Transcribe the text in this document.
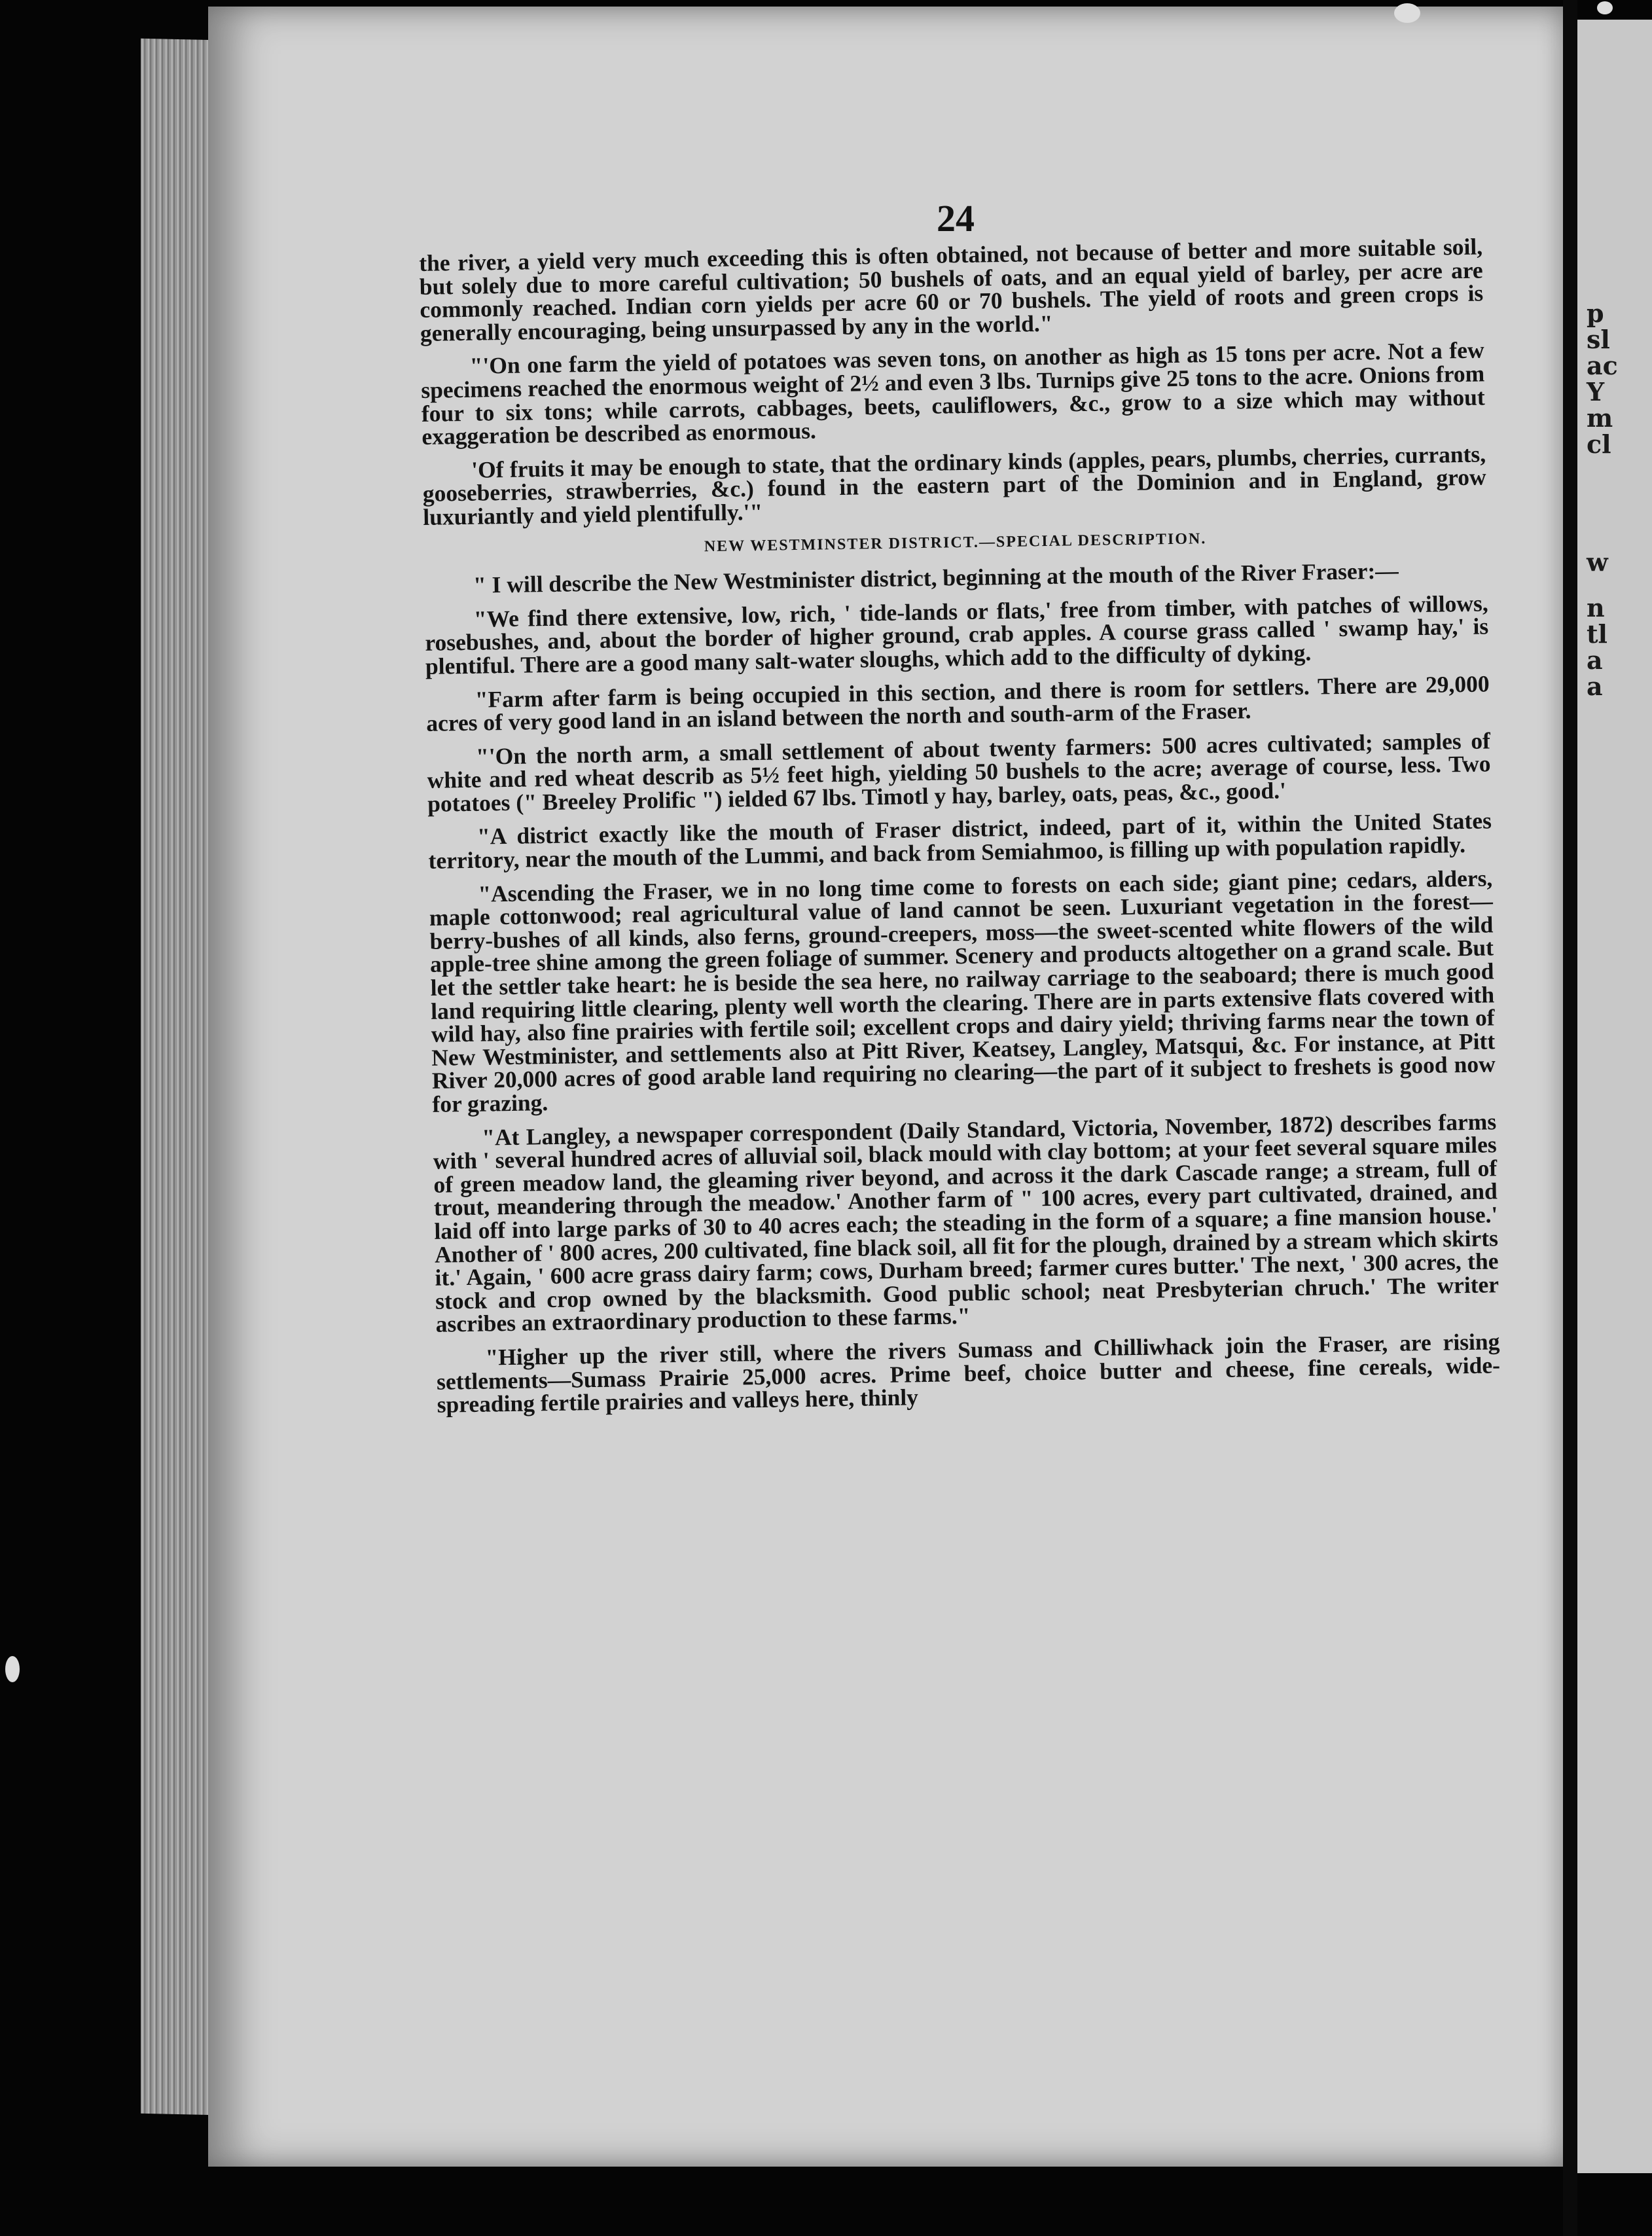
24

the river, a yield very much exceeding this is often obtained, not because of better and more suitable soil, but solely due to more careful cultivation; 50 bushels of oats, and an equal yield of barley, per acre are commonly reached. Indian corn yields per acre 60 or 70 bushels. The yield of roots and green crops is generally encouraging, being unsurpassed by any in the world."

"'On one farm the yield of potatoes was seven tons, on another as high as 15 tons per acre. Not a few specimens reached the enormous weight of 2½ and even 3 lbs. Turnips give 25 tons to the acre. Onions from four to six tons; while carrots, cabbages, beets, cauliflowers, &c., grow to a size which may without exaggeration be described as enormous.

'Of fruits it may be enough to state, that the ordinary kinds (apples, pears, plumbs, cherries, currants, gooseberries, strawberries, &c.) found in the eastern part of the Dominion and in England, grow luxuriantly and yield plentifully.'"

NEW WESTMINSTER DISTRICT.—SPECIAL DESCRIPTION.

" I will describe the New Westminister district, beginning at the mouth of the River Fraser:—

"We find there extensive, low, rich, ' tide-lands or flats,' free from timber, with patches of willows, rosebushes, and, about the border of higher ground, crab apples. A course grass called ' swamp hay,' is plentiful. There are a good many salt-water sloughs, which add to the difficulty of dyking.

"Farm after farm is being occupied in this section, and there is room for settlers. There are 29,000 acres of very good land in an island between the north and south-arm of the Fraser.

"'On the north arm, a small settlement of about twenty farmers: 500 acres cultivated; samples of white and red wheat describ as 5½ feet high, yielding 50 bushels to the acre; average of course, less. Two potatoes (" Breeley Prolific ") ielded 67 lbs. Timotl y hay, barley, oats, peas, &c., good.'

"A district exactly like the mouth of Fraser district, indeed, part of it, within the United States territory, near the mouth of the Lummi, and back from Semiahmoo, is filling up with population rapidly.

"Ascending the Fraser, we in no long time come to forests on each side; giant pine; cedars, alders, maple cottonwood; real agricultural value of land cannot be seen. Luxuriant vegetation in the forest—berry-bushes of all kinds, also ferns, ground-creepers, moss—the sweet-scented white flowers of the wild apple-tree shine among the green foliage of summer. Scenery and products altogether on a grand scale. But let the settler take heart: he is beside the sea here, no railway carriage to the seaboard; there is much good land requiring little clearing, plenty well worth the clearing. There are in parts extensive flats covered with wild hay, also fine prairies with fertile soil; excellent crops and dairy yield; thriving farms near the town of New Westminister, and settlements also at Pitt River, Keatsey, Langley, Matsqui, &c. For instance, at Pitt River 20,000 acres of good arable land requiring no clearing—the part of it subject to freshets is good now for grazing.

"At Langley, a newspaper correspondent (Daily Standard, Victoria, November, 1872) describes farms with ' several hundred acres of alluvial soil, black mould with clay bottom; at your feet several square miles of green meadow land, the gleaming river beyond, and across it the dark Cascade range; a stream, full of trout, meandering through the meadow.' Another farm of " 100 acres, every part cultivated, drained, and laid off into large parks of 30 to 40 acres each; the steading in the form of a square; a fine mansion house.' Another of ' 800 acres, 200 cultivated, fine black soil, all fit for the plough, drained by a stream which skirts it.' Again, ' 600 acre grass dairy farm; cows, Durham breed; farmer cures butter.' The next, ' 300 acres, the stock and crop owned by the blacksmith. Good public school; neat Presbyterian chruch.' The writer ascribes an extraordinary production to these farms."

"Higher up the river still, where the rivers Sumass and Chilliwhack join the Fraser, are rising settlements—Sumass Prairie 25,000 acres. Prime beef, choice butter and cheese, fine cereals, wide-spreading fertile prairies and valleys here, thinly

p
sl
ac
Y
m
cl
w
n
tl
a
a
